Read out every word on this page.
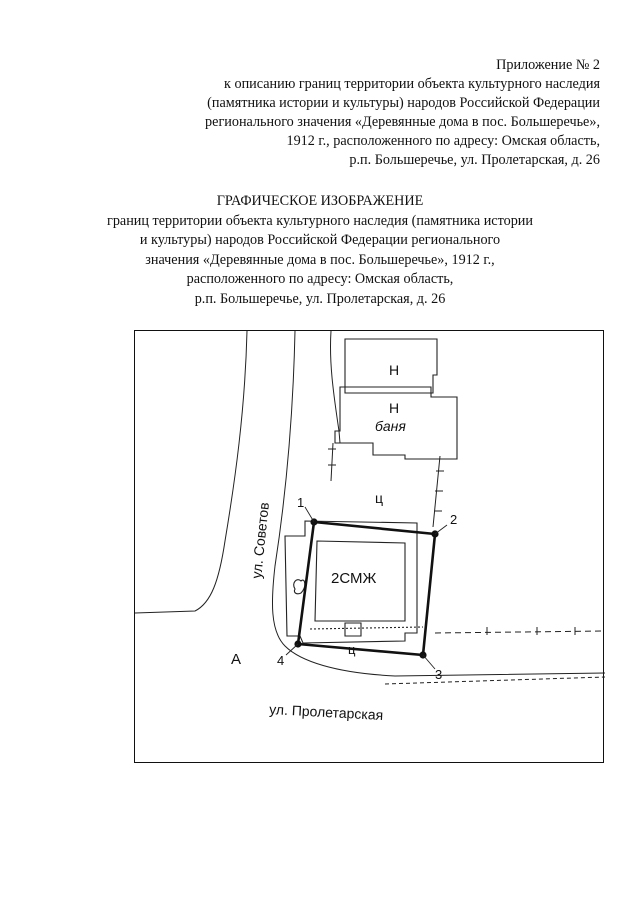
Приложение № 2
к описанию границ территории объекта культурного наследия
(памятника истории и культуры) народов Российской Федерации
регионального значения «Деревянные дома в пос. Большеречье»,
1912 г., расположенного по адресу: Омская область,
р.п. Большеречье, ул. Пролетарская, д. 26
ГРАФИЧЕСКОЕ ИЗОБРАЖЕНИЕ
границ территории объекта культурного наследия (памятника истории
и культуры) народов Российской Федерации регионального
значения «Деревянные дома в пос. Большеречье», 1912 г.,
расположенного по адресу: Омская область,
р.п. Большеречье, ул. Пролетарская, д. 26
Н
Н
баня
ц
2СМЖ
ц
А
1
2
3
4
ул. Советов
ул. Пролетарская
